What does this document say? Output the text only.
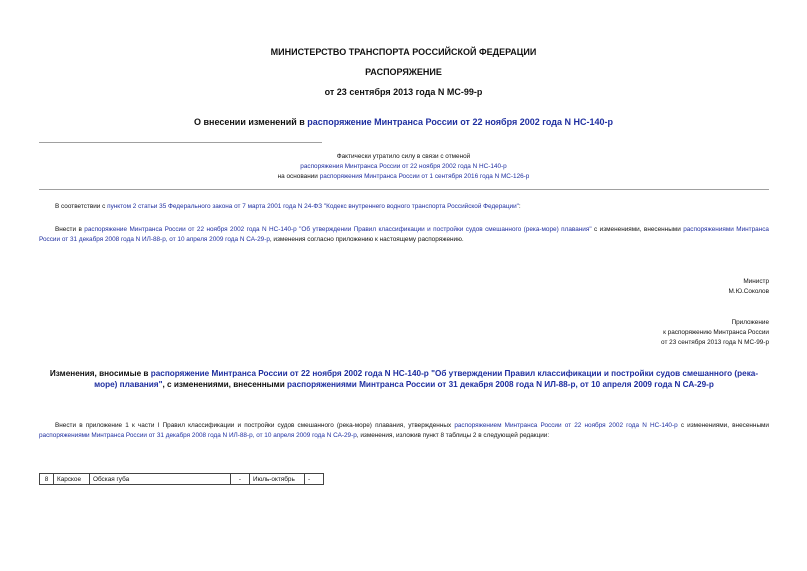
МИНИСТЕРСТВО ТРАНСПОРТА РОССИЙСКОЙ ФЕДЕРАЦИИ
РАСПОРЯЖЕНИЕ
от 23 сентября 2013 года N МС-99-р
О внесении изменений в распоряжение Минтранса России от 22 ноября 2002 года N НС-140-р
Фактически утратило силу в связи с отменой
распоряжения Минтранса России от 22 ноября 2002 года N НС-140-р
на основании распоряжения Минтранса России от 1 сентября 2016 года N МС-126-р
В соответствии с пунктом 2 статьи 35 Федерального закона от 7 марта 2001 года N 24-ФЗ "Кодекс внутреннего водного транспорта Российской Федерации":
Внести в распоряжение Минтранса России от 22 ноября 2002 года N НС-140-р "Об утверждении Правил классификации и постройки судов смешанного (река-море) плавания" с изменениями, внесенными распоряжениями Минтранса России от 31 декабря 2008 года N ИЛ-88-р, от 10 апреля 2009 года N СА-29-р, изменения согласно приложению к настоящему распоряжению.
Министр
М.Ю.Соколов
Приложение
к распоряжению Минтранса России
от 23 сентября 2013 года N МС-99-р
Изменения, вносимые в распоряжение Минтранса России от 22 ноября 2002 года N НС-140-р "Об утверждении Правил классификации и постройки судов смешанного (река-море) плавания", с изменениями, внесенными распоряжениями Минтранса России от 31 декабря 2008 года N ИЛ-88-р, от 10 апреля 2009 года N СА-29-р
Внести в приложение 1 к части I Правил классификации и постройки судов смешанного (река-море) плавания, утвержденных распоряжением Минтранса России от 22 ноября 2002 года N НС-140-р с изменениями, внесенными распоряжениями Минтранса России от 31 декабря 2008 года N ИЛ-88-р, от 10 апреля 2009 года N СА-29-р, изменения, изложив пункт 8 таблицы 2 в следующей редакции:
8	Карское	Обская губа	-	Июль-октябрь	-
